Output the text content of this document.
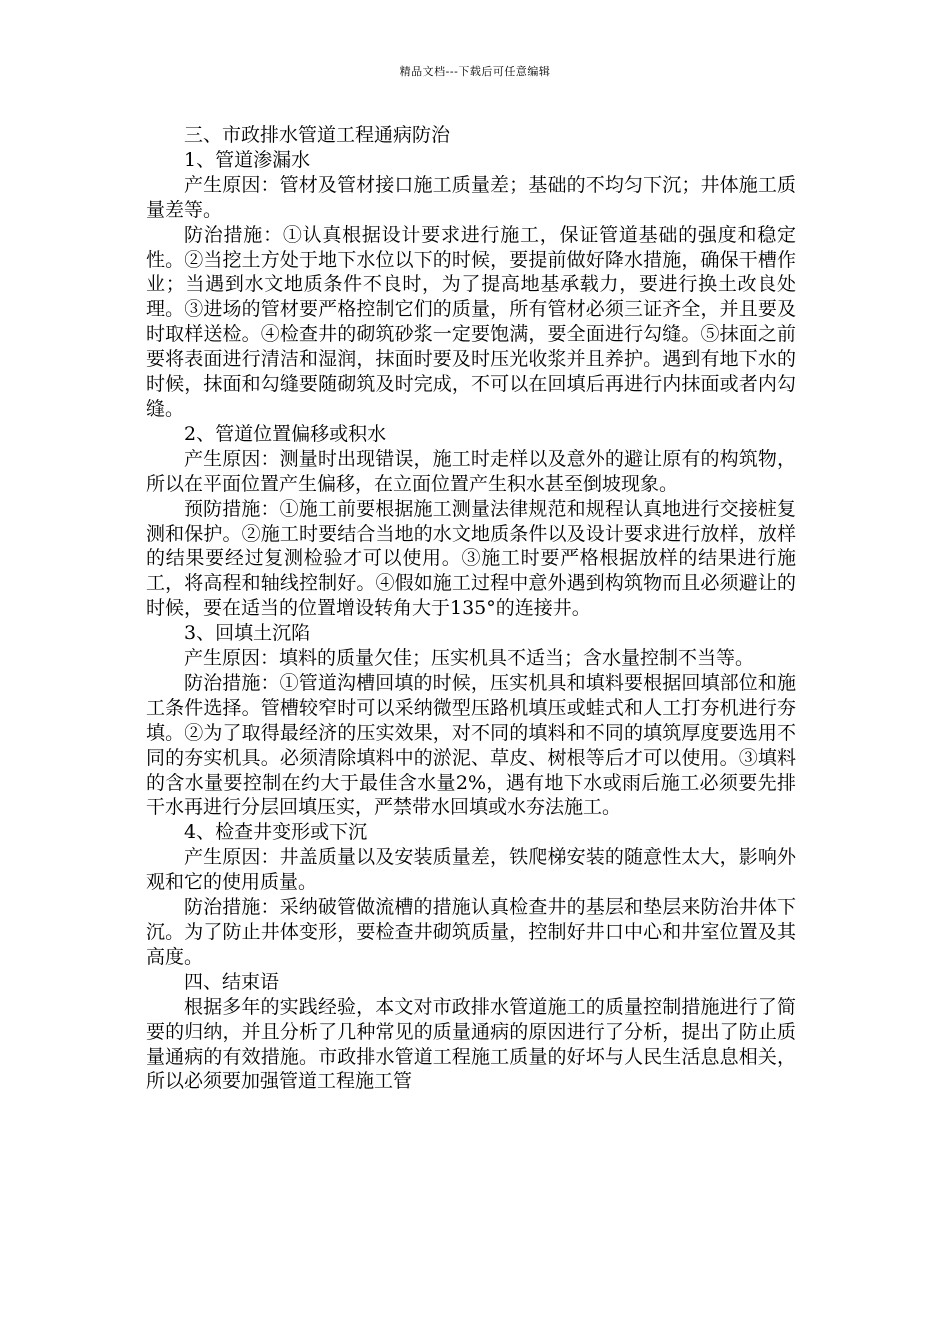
精品文档---下载后可任意编辑

三、市政排水管道工程通病防治

1、管道渗漏水

产生原因：管材及管材接口施工质量差；基础的不均匀下沉；井体施工质量差等。

防治措施：①认真根据设计要求进行施工，保证管道基础的强度和稳定性。②当挖土方处于地下水位以下的时候，要提前做好降水措施，确保干槽作业；当遇到水文地质条件不良时，为了提高地基承载力，要进行换土改良处理。③进场的管材要严格控制它们的质量，所有管材必须三证齐全，并且要及时取样送检。④检查井的砌筑砂浆一定要饱满，要全面进行勾缝。⑤抹面之前要将表面进行清洁和湿润，抹面时要及时压光收浆并且养护。遇到有地下水的时候，抹面和勾缝要随砌筑及时完成，不可以在回填后再进行内抹面或者内勾缝。

2、管道位置偏移或积水

产生原因：测量时出现错误，施工时走样以及意外的避让原有的构筑物，所以在平面位置产生偏移，在立面位置产生积水甚至倒坡现象。

预防措施：①施工前要根据施工测量法律规范和规程认真地进行交接桩复测和保护。②施工时要结合当地的水文地质条件以及设计要求进行放样，放样的结果要经过复测检验才可以使用。③施工时要严格根据放样的结果进行施工，将高程和轴线控制好。④假如施工过程中意外遇到构筑物而且必须避让的时候，要在适当的位置增设转角大于135°的连接井。

3、回填土沉陷

产生原因：填料的质量欠佳；压实机具不适当；含水量控制不当等。

防治措施：①管道沟槽回填的时候，压实机具和填料要根据回填部位和施工条件选择。管槽较窄时可以采纳微型压路机填压或蛙式和人工打夯机进行夯填。②为了取得最经济的压实效果，对不同的填料和不同的填筑厚度要选用不同的夯实机具。必须清除填料中的淤泥、草皮、树根等后才可以使用。③填料的含水量要控制在约大于最佳含水量2%，遇有地下水或雨后施工必须要先排干水再进行分层回填压实，严禁带水回填或水夯法施工。

4、检查井变形或下沉

产生原因：井盖质量以及安装质量差，铁爬梯安装的随意性太大，影响外观和它的使用质量。

防治措施：采纳破管做流槽的措施认真检查井的基层和垫层来防治井体下沉。为了防止井体变形，要检查井砌筑质量，控制好井口中心和井室位置及其高度。

四、结束语

根据多年的实践经验，本文对市政排水管道施工的质量控制措施进行了简要的归纳，并且分析了几种常见的质量通病的原因进行了分析，提出了防止质量通病的有效措施。市政排水管道工程施工质量的好坏与人民生活息息相关，所以必须要加强管道工程施工管
